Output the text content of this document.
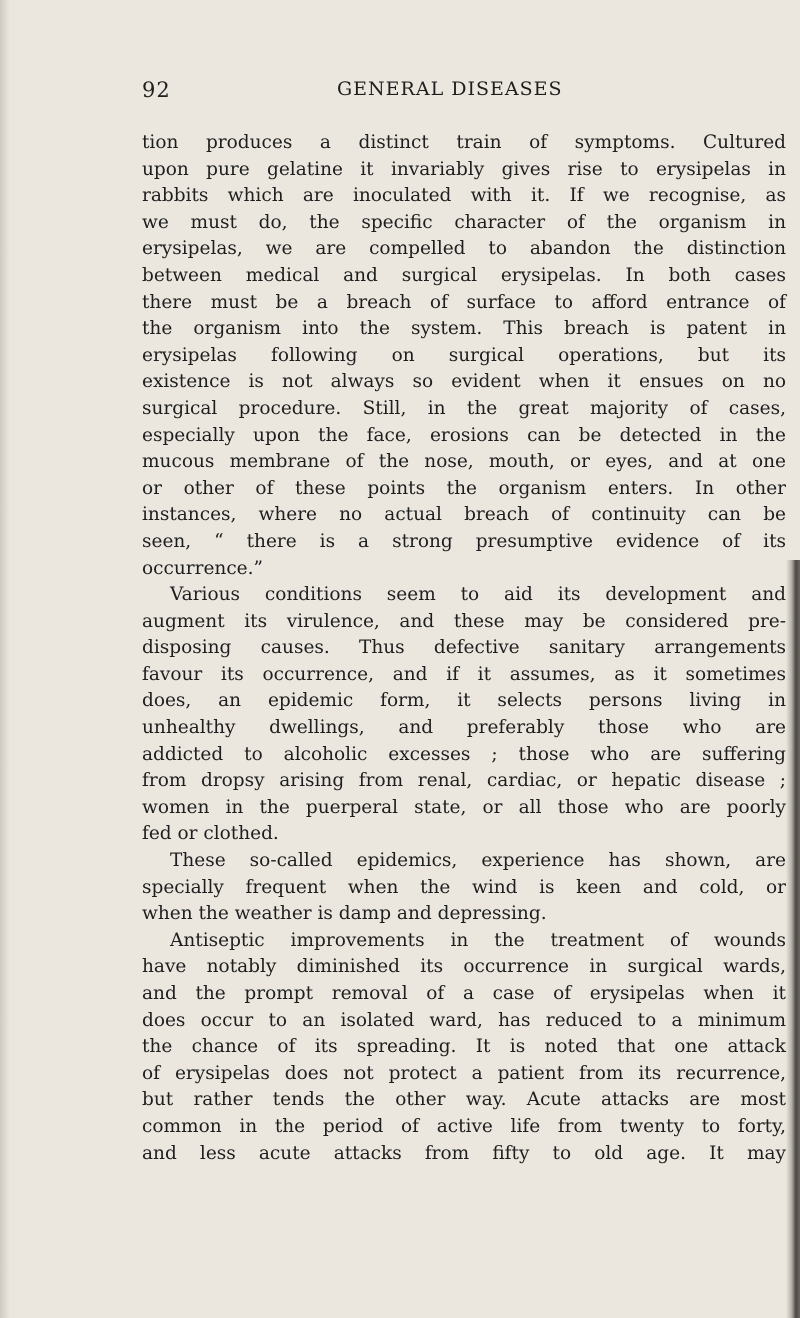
92	GENERAL DISEASES
tion produces a distinct train of symptoms. Cultured
upon pure gelatine it invariably gives rise to erysipelas in
rabbits which are inoculated with it. If we recognise, as
we must do, the specific character of the organism in
erysipelas, we are compelled to abandon the distinction
between medical and surgical erysipelas. In both cases
there must be a breach of surface to afford entrance of
the organism into the system. This breach is patent in
erysipelas following on surgical operations, but its
existence is not always so evident when it ensues on no
surgical procedure. Still, in the great majority of cases,
especially upon the face, erosions can be detected in the
mucous membrane of the nose, mouth, or eyes, and at one
or other of these points the organism enters. In other
instances, where no actual breach of continuity can be
seen, “ there is a strong presumptive evidence of its
occurrence.”
Various conditions seem to aid its development and
augment its virulence, and these may be considered pre-
disposing causes. Thus defective sanitary arrangements
favour its occurrence, and if it assumes, as it sometimes
does, an epidemic form, it selects persons living in
unhealthy dwellings, and preferably those who are
addicted to alcoholic excesses ; those who are suffering
from dropsy arising from renal, cardiac, or hepatic disease ;
women in the puerperal state, or all those who are poorly
fed or clothed.
These so-called epidemics, experience has shown, are
specially frequent when the wind is keen and cold, or
when the weather is damp and depressing.
Antiseptic improvements in the treatment of wounds
have notably diminished its occurrence in surgical wards,
and the prompt removal of a case of erysipelas when it
does occur to an isolated ward, has reduced to a minimum
the chance of its spreading. It is noted that one attack
of erysipelas does not protect a patient from its recurrence,
but rather tends the other way. Acute attacks are most
common in the period of active life from twenty to forty,
and less acute attacks from fifty to old age. It may
